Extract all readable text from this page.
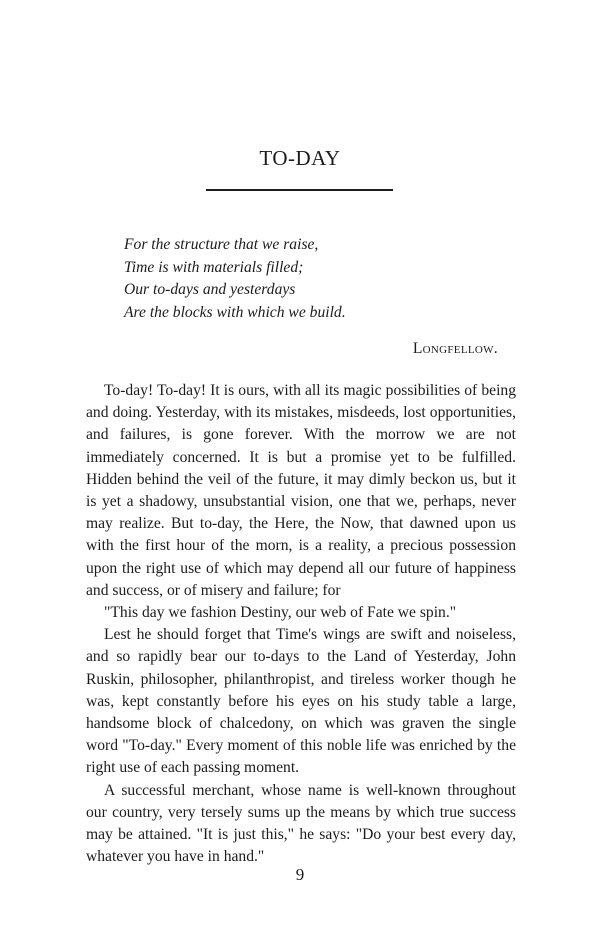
TO-DAY
For the structure that we raise,
Time is with materials filled;
Our to-days and yesterdays
Are the blocks with which we build.
Longfellow.

To-day! To-day! It is ours, with all its magic possibilities of being and doing. Yesterday, with its mistakes, misdeeds, lost opportunities, and failures, is gone forever. With the morrow we are not immediately concerned. It is but a promise yet to be fulfilled. Hidden behind the veil of the future, it may dimly beckon us, but it is yet a shadowy, unsubstantial vision, one that we, perhaps, never may realize. But to-day, the Here, the Now, that dawned upon us with the first hour of the morn, is a reality, a precious possession upon the right use of which may depend all our future of happiness and success, or of misery and failure; for

"This day we fashion Destiny, our web of Fate we spin."

Lest he should forget that Time's wings are swift and noiseless, and so rapidly bear our to-days to the Land of Yesterday, John Ruskin, philosopher, philanthropist, and tireless worker though he was, kept constantly before his eyes on his study table a large, handsome block of chalcedony, on which was graven the single word "To-day." Every moment of this noble life was enriched by the right use of each passing moment.

A successful merchant, whose name is well-known throughout our country, very tersely sums up the means by which true success may be attained. "It is just this," he says: "Do your best every day, whatever you have in hand."

9
